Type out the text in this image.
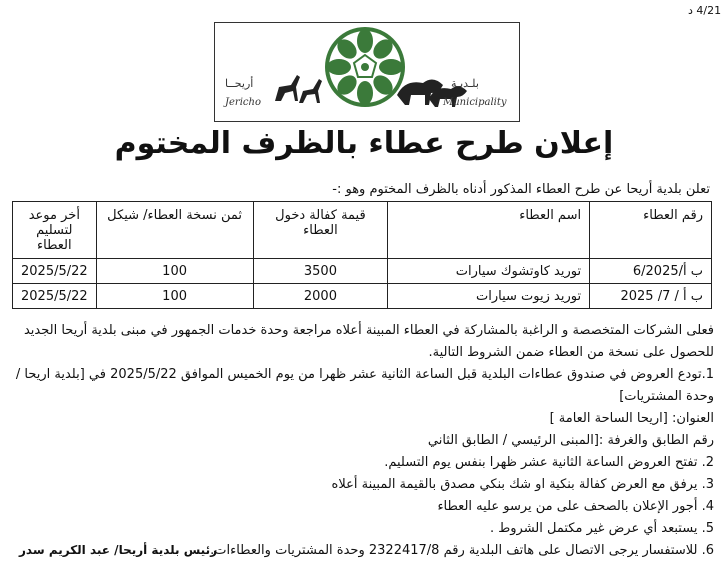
4/21 د
أريحــا
Jericho
بلـديـة
Municipality
إعلان طرح عطاء بالظرف المختوم
تعلن بلدية أريحا عن طرح العطاء المذكور أدناه بالظرف المختوم وهو :-
رقم العطاء	اسم العطاء	قيمة كفالة دخول العطاء	ثمن نسخة العطاء/ شيكل	أخر موعد لتسليم العطاء
ب أ/6/2025	توريد كاوتشوك سيارات	3500	100	2025/5/22
ب أ / 7/ 2025	توريد زيوت سيارات	2000	100	2025/5/22

فعلى الشركات المتخصصة و الراغبة بالمشاركة في العطاء المبينة أعلاه مراجعة وحدة خدمات الجمهور في مبنى بلدية أريحا الجديد للحصول على نسخة من العطاء ضمن الشروط التالية.

1.تودع العروض في صندوق عطاءات البلدية قبل الساعة الثانية عشر ظهرا من يوم الخميس الموافق 2025/5/22 في [بلدية اريحا / وحدة المشتريات]

العنوان: [اريحا الساحة العامة ]

رقم الطابق والغرفة :[المبنى الرئيسي / الطابق الثاني

2. تفتح العروض الساعة الثانية عشر ظهرا بنفس يوم التسليم.

3. يرفق مع العرض كفالة بنكية او شك بنكي مصدق بالقيمة المبينة أعلاه

4. أجور الإعلان بالصحف على من يرسو عليه العطاء

5. يستبعد أي عرض غير مكتمل الشروط .

6. للاستفسار يرجى الاتصال على هاتف البلدية رقم 2322417/8 وحدة المشتريات والعطاءات.

رئيس بلدية أريحا/ عبد الكريم سدر
